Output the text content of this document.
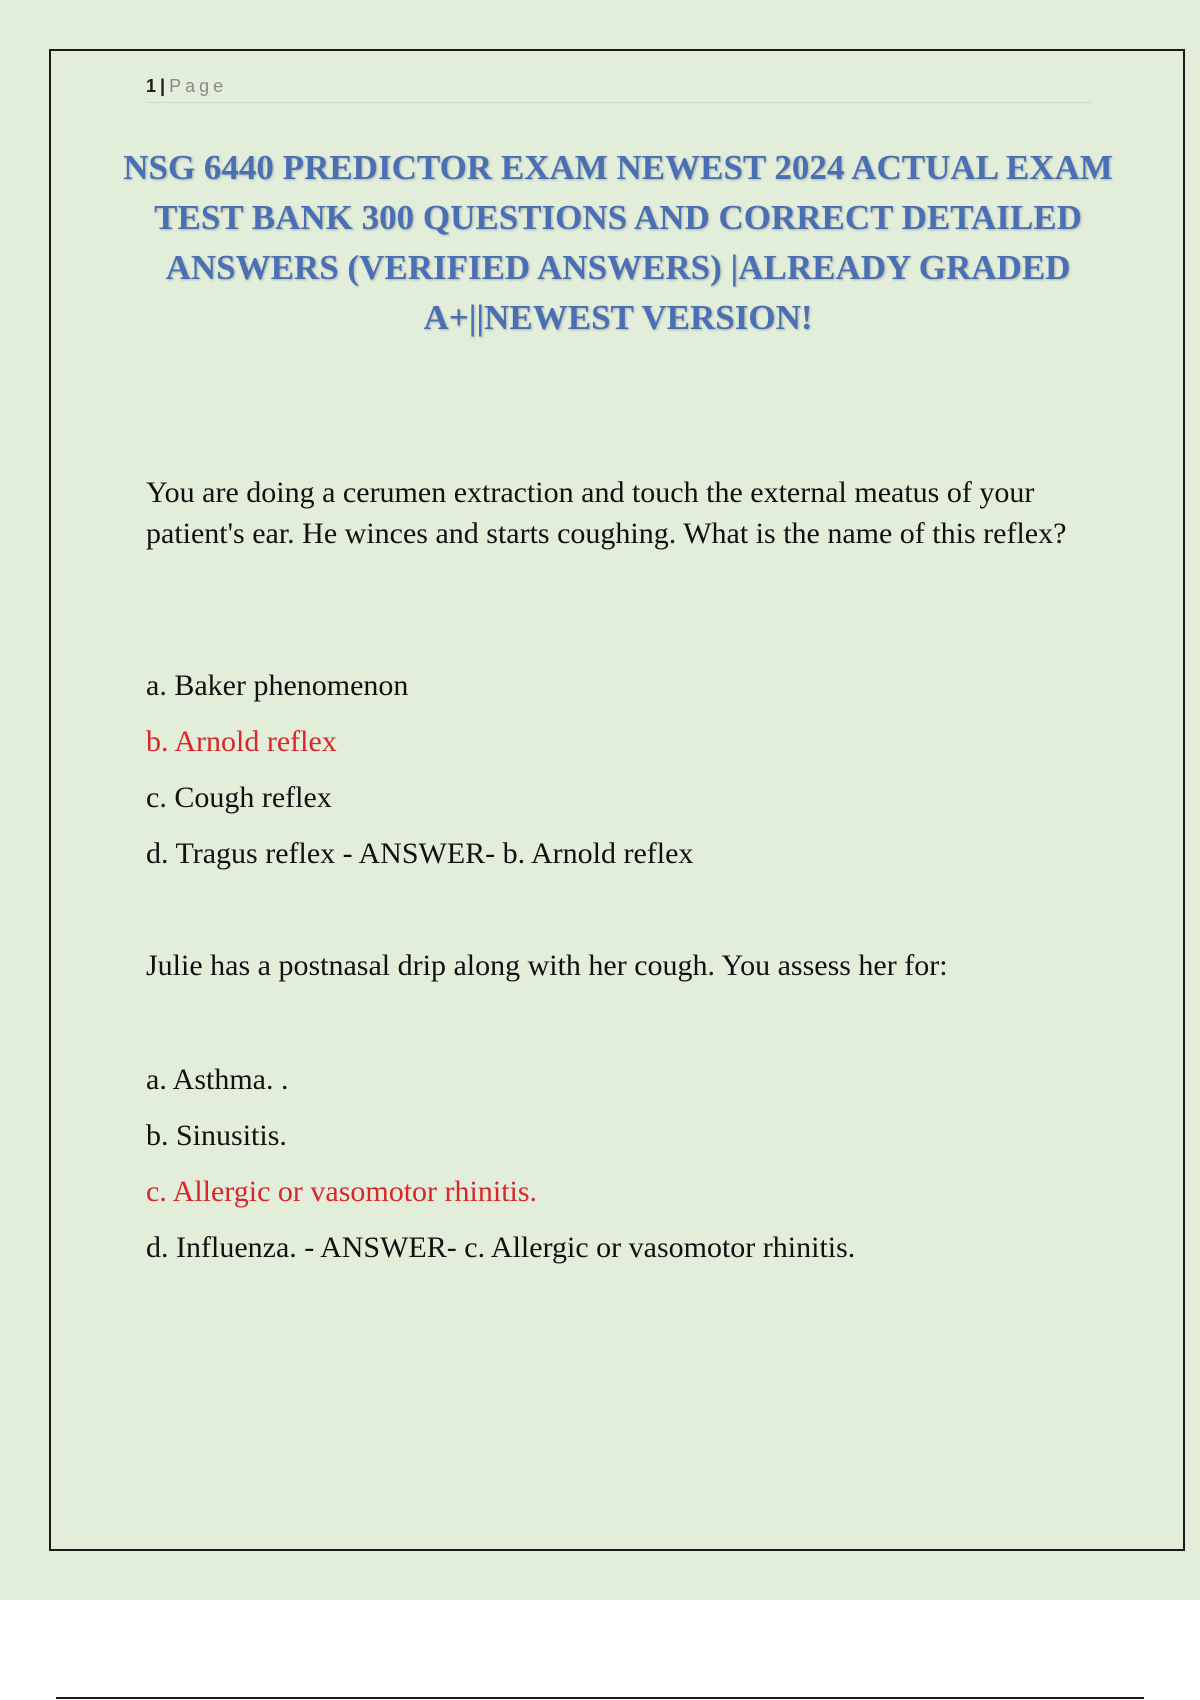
1 | Page
NSG 6440 PREDICTOR EXAM NEWEST 2024 ACTUAL EXAM TEST BANK 300 QUESTIONS AND CORRECT DETAILED ANSWERS (VERIFIED ANSWERS) |ALREADY GRADED A+||NEWEST VERSION!
You are doing a cerumen extraction and touch the external meatus of your patient's ear. He winces and starts coughing. What is the name of this reflex?
a. Baker phenomenon
b. Arnold reflex
c. Cough reflex
d. Tragus reflex - ANSWER- b. Arnold reflex
Julie has a postnasal drip along with her cough. You assess her for:
a. Asthma. .
b. Sinusitis.
c. Allergic or vasomotor rhinitis.
d. Influenza. - ANSWER- c. Allergic or vasomotor rhinitis.
